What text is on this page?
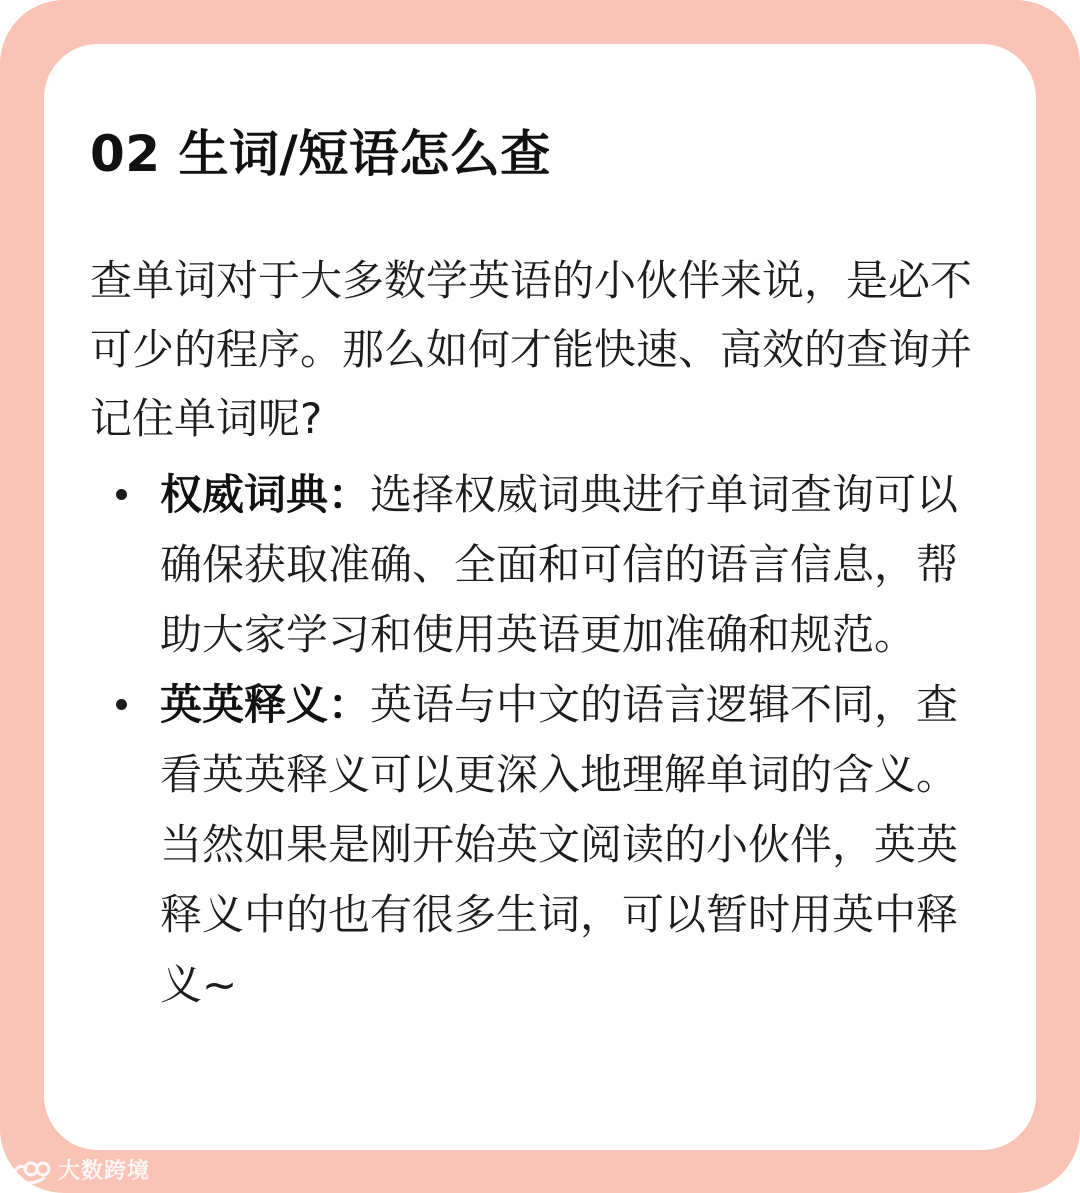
02 生词/短语怎么查

查单词对于大多数学英语的小伙伴来说，是必不可少的程序。那么如何才能快速、高效的查询并记住单词呢?

权威词典：选择权威词典进行单词查询可以确保获取准确、全面和可信的语言信息，帮助大家学习和使用英语更加准确和规范。
英英释义：英语与中文的语言逻辑不同，查看英英释义可以更深入地理解单词的含义。当然如果是刚开始英文阅读的小伙伴，英英释义中的也有很多生词，可以暂时用英中释义~
大数跨境
